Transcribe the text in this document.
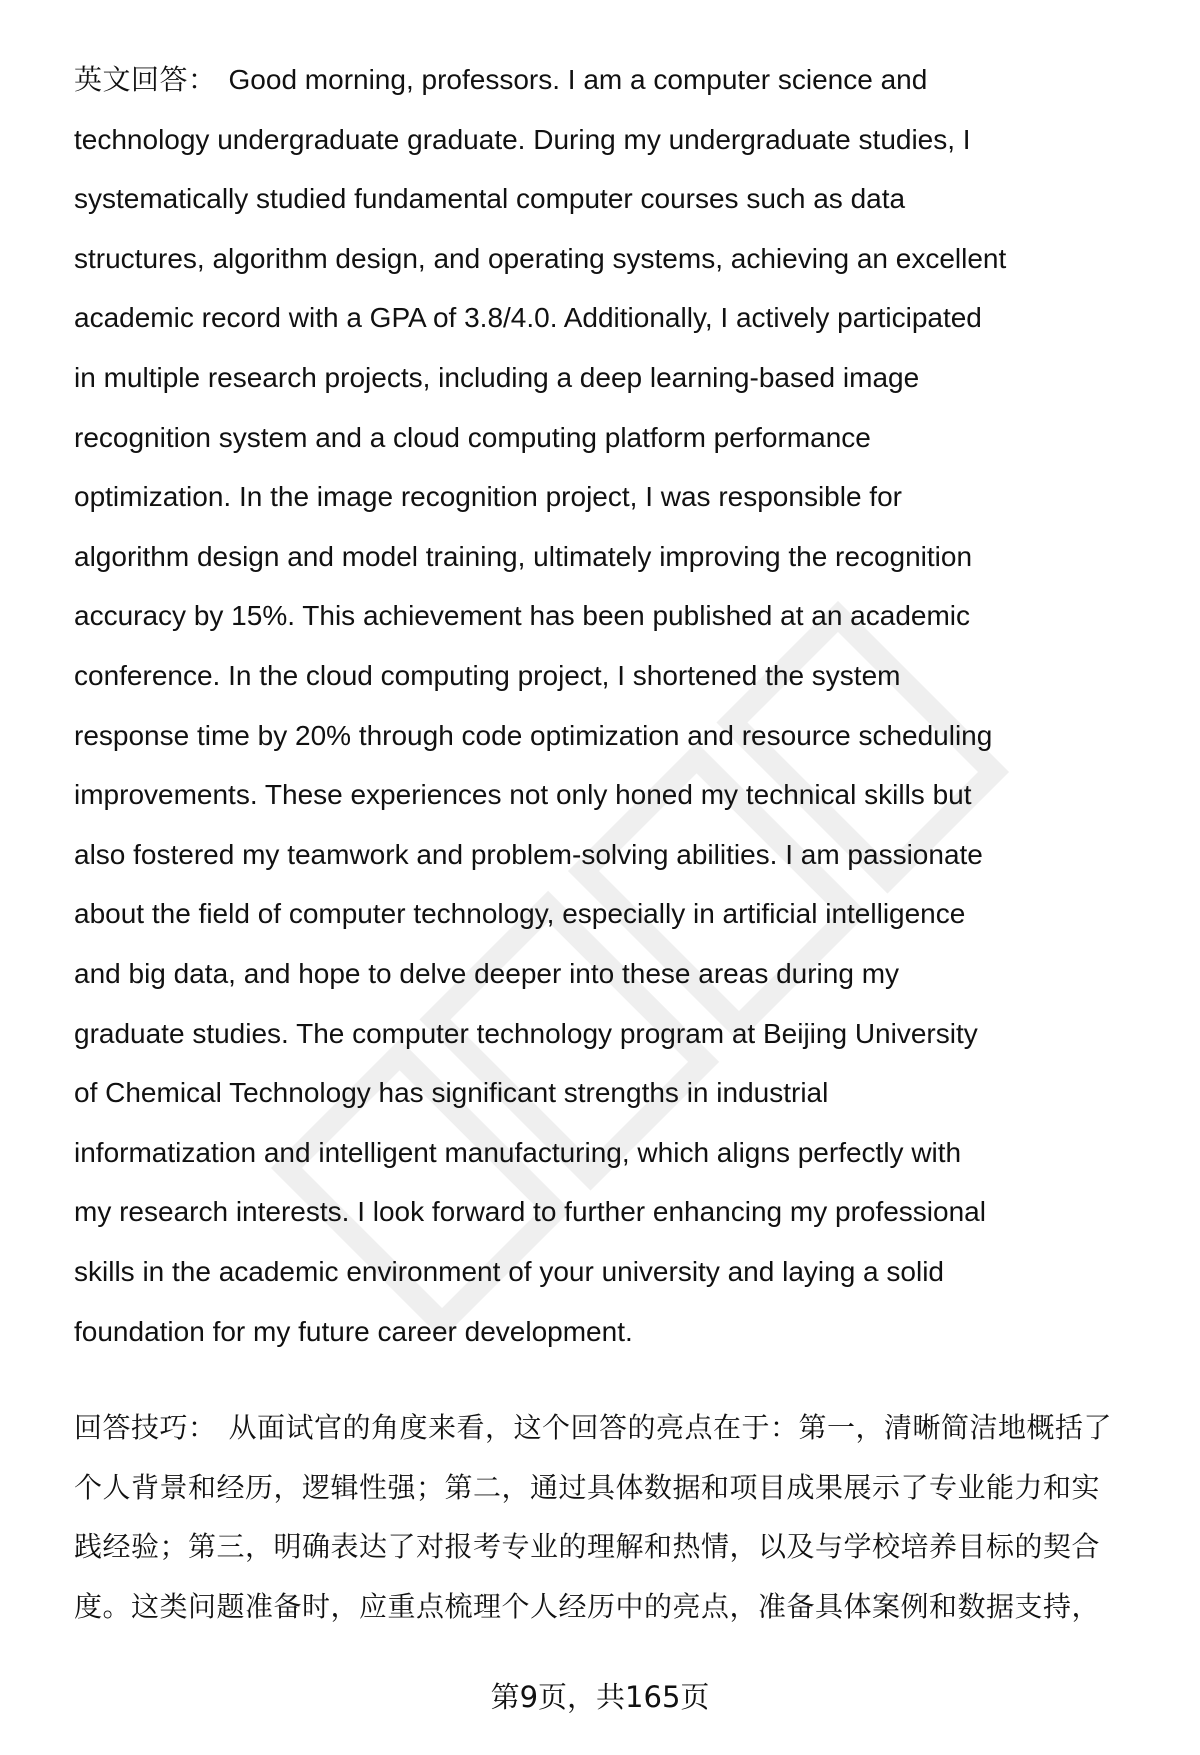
英文回答： Good morning, professors. I am a computer science and
technology undergraduate graduate. During my undergraduate studies, I
systematically studied fundamental computer courses such as data
structures, algorithm design, and operating systems, achieving an excellent
academic record with a GPA of 3.8/4.0. Additionally, I actively participated
in multiple research projects, including a deep learning-based image
recognition system and a cloud computing platform performance
optimization. In the image recognition project, I was responsible for
algorithm design and model training, ultimately improving the recognition
accuracy by 15%. This achievement has been published at an academic
conference. In the cloud computing project, I shortened the system
response time by 20% through code optimization and resource scheduling
improvements. These experiences not only honed my technical skills but
also fostered my teamwork and problem-solving abilities. I am passionate
about the field of computer technology, especially in artificial intelligence
and big data, and hope to delve deeper into these areas during my
graduate studies. The computer technology program at Beijing University
of Chemical Technology has significant strengths in industrial
informatization and intelligent manufacturing, which aligns perfectly with
my research interests. I look forward to further enhancing my professional
skills in the academic environment of your university and laying a solid
foundation for my future career development.
回答技巧： 从面试官的角度来看，这个回答的亮点在于：第一，清晰简洁地概括了
个人背景和经历，逻辑性强；第二，通过具体数据和项目成果展示了专业能力和实
践经验；第三，明确表达了对报考专业的理解和热情，以及与学校培养目标的契合
度。这类问题准备时，应重点梳理个人经历中的亮点，准备具体案例和数据支持，
第9页，共165页
